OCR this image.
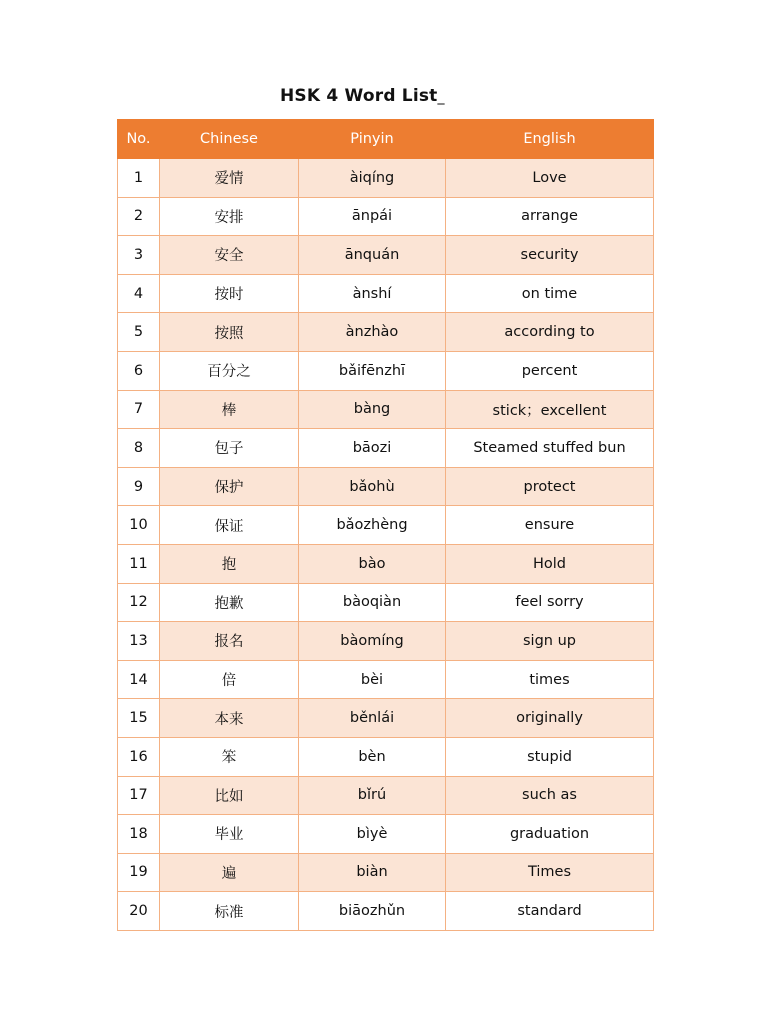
HSK 4 Word List_
No.	Chinese	Pinyin	English
1	爱情	àiqíng	Love
2	安排	ānpái	arrange
3	安全	ānquán	security
4	按时	ànshí	on time
5	按照	ànzhào	according to
6	百分之	bǎifēnzhī	percent
7	棒	bàng	stick；excellent
8	包子	bāozi	Steamed stuffed bun
9	保护	bǎohù	protect
10	保证	bǎozhèng	ensure
11	抱	bào	Hold
12	抱歉	bàoqiàn	feel sorry
13	报名	bàomíng	sign up
14	倍	bèi	times
15	本来	běnlái	originally
16	笨	bèn	stupid
17	比如	bǐrú	such as
18	毕业	bìyè	graduation
19	遍	biàn	Times
20	标准	biāozhǔn	standard
